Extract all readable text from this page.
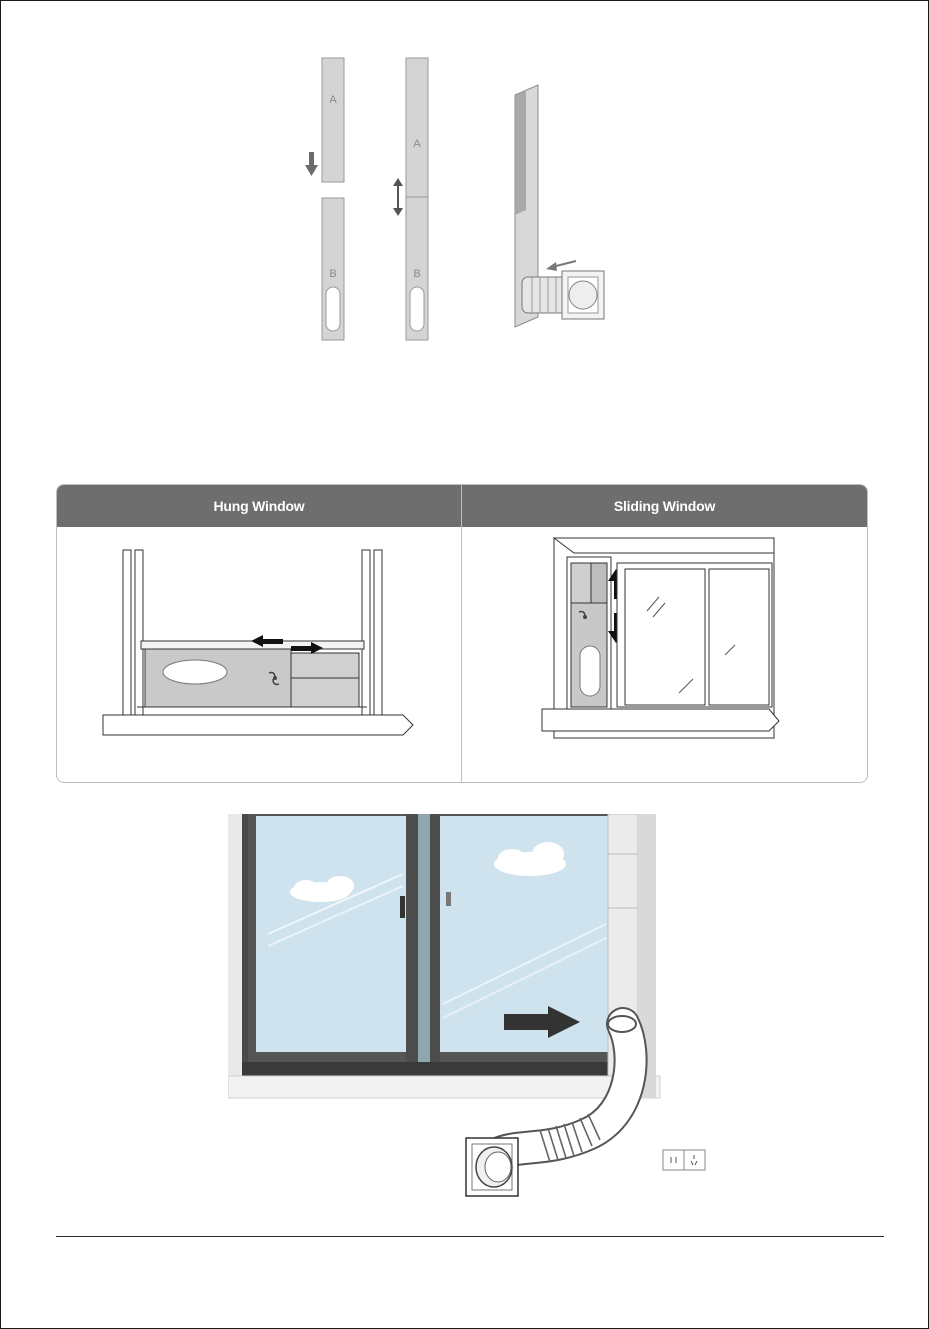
A
B
A
B
Hung Window	Sliding Window
